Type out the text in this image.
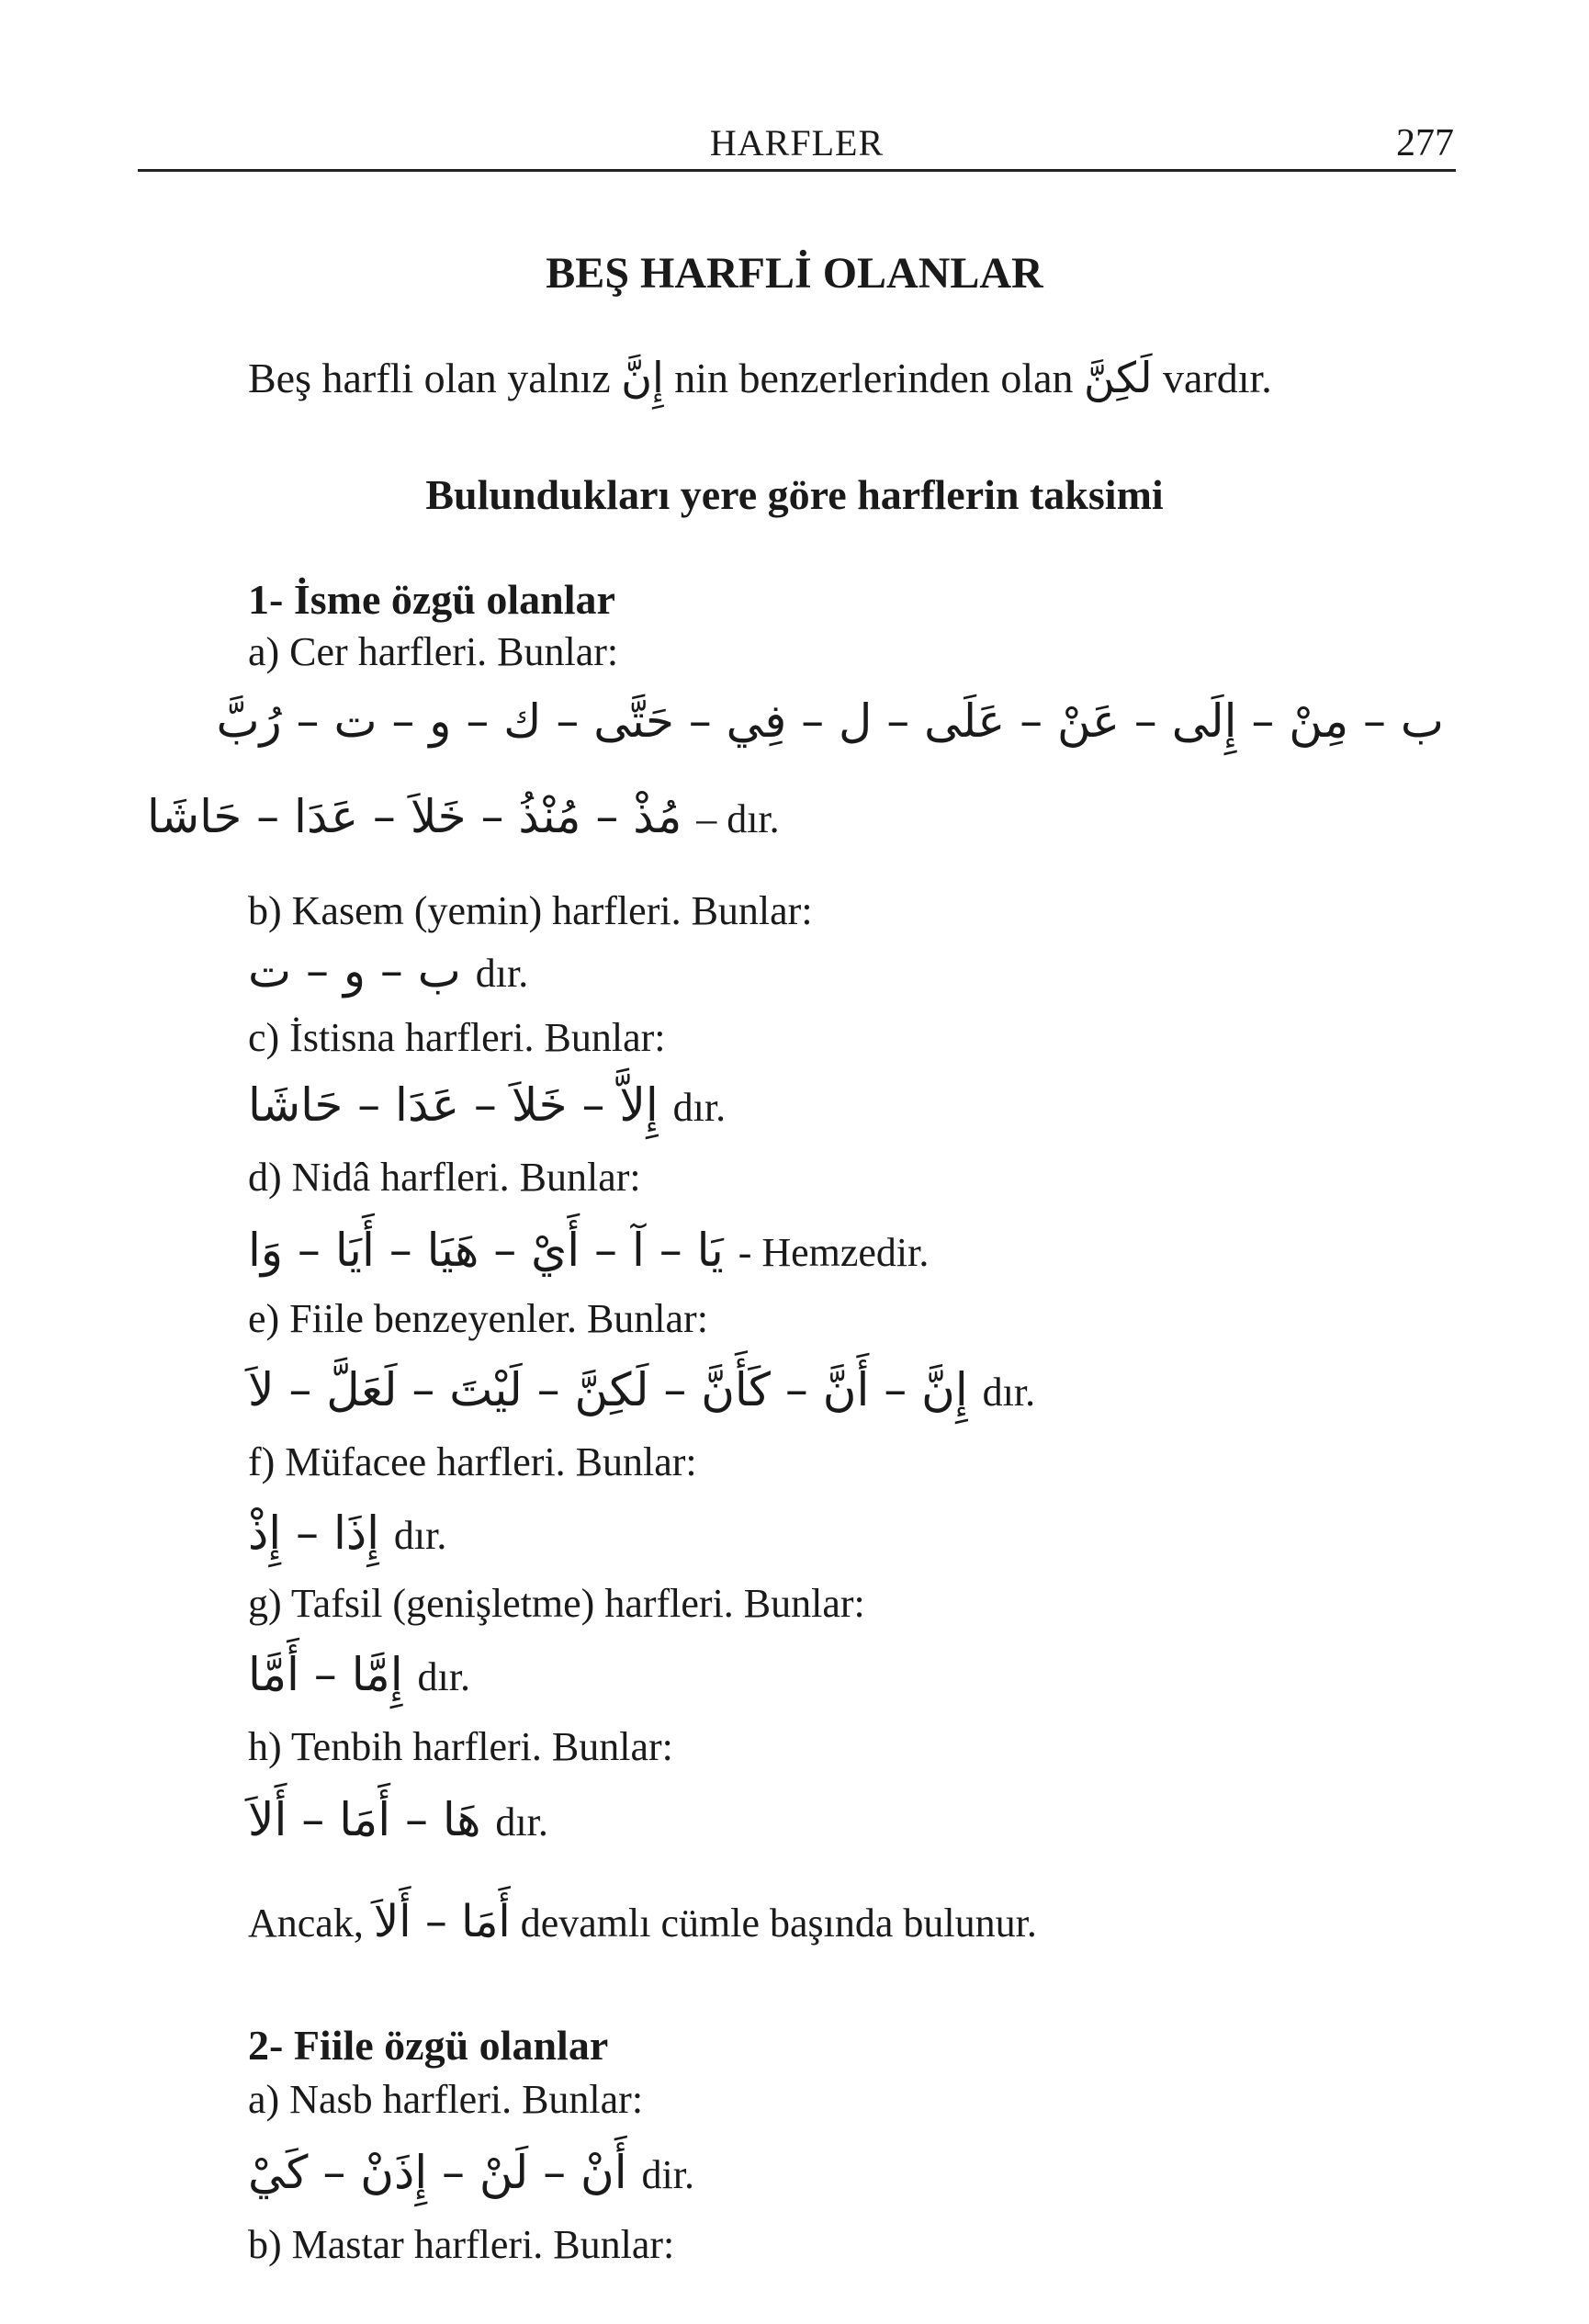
HARFLER	277
BEŞ HARFLİ OLANLAR
Beş harfli olan yalnız إِنَّ nin benzerlerinden olan لَكِنَّ vardır.
Bulundukları yere göre harflerin taksimi
1- İsme özgü olanlar
a) Cer harfleri. Bunlar:
ب – مِنْ – إِلَى – عَنْ – عَلَى – ل – فِي – حَتَّى – ك – و – ت – رُبَّ
مُذْ – مُنْذُ – خَلاَ – عَدَا – حَاشَا – dır.
b) Kasem (yemin) harfleri. Bunlar:
ب – و – ت dır.
c) İstisna harfleri. Bunlar:
إِلاَّ – خَلاَ – عَدَا – حَاشَا dır.
d) Nidâ harfleri. Bunlar:
يَا – آ – أَيْ – هَيَا – أَيَا – وَا - Hemzedir.
e) Fiile benzeyenler. Bunlar:
إِنَّ – أَنَّ – كَأَنَّ – لَكِنَّ – لَيْتَ – لَعَلَّ – لاَ dır.
f) Müfacee harfleri. Bunlar:
إِذَا – إِذْ dır.
g) Tafsil (genişletme) harfleri. Bunlar:
إِمَّا – أَمَّا dır.
h) Tenbih harfleri. Bunlar:
هَا – أَمَا – أَلاَ dır.
Ancak, أَمَا – أَلاَ devamlı cümle başında bulunur.
2- Fiile özgü olanlar
a) Nasb harfleri. Bunlar:
أَنْ – لَنْ – إِذَنْ – كَيْ dir.
b) Mastar harfleri. Bunlar:
